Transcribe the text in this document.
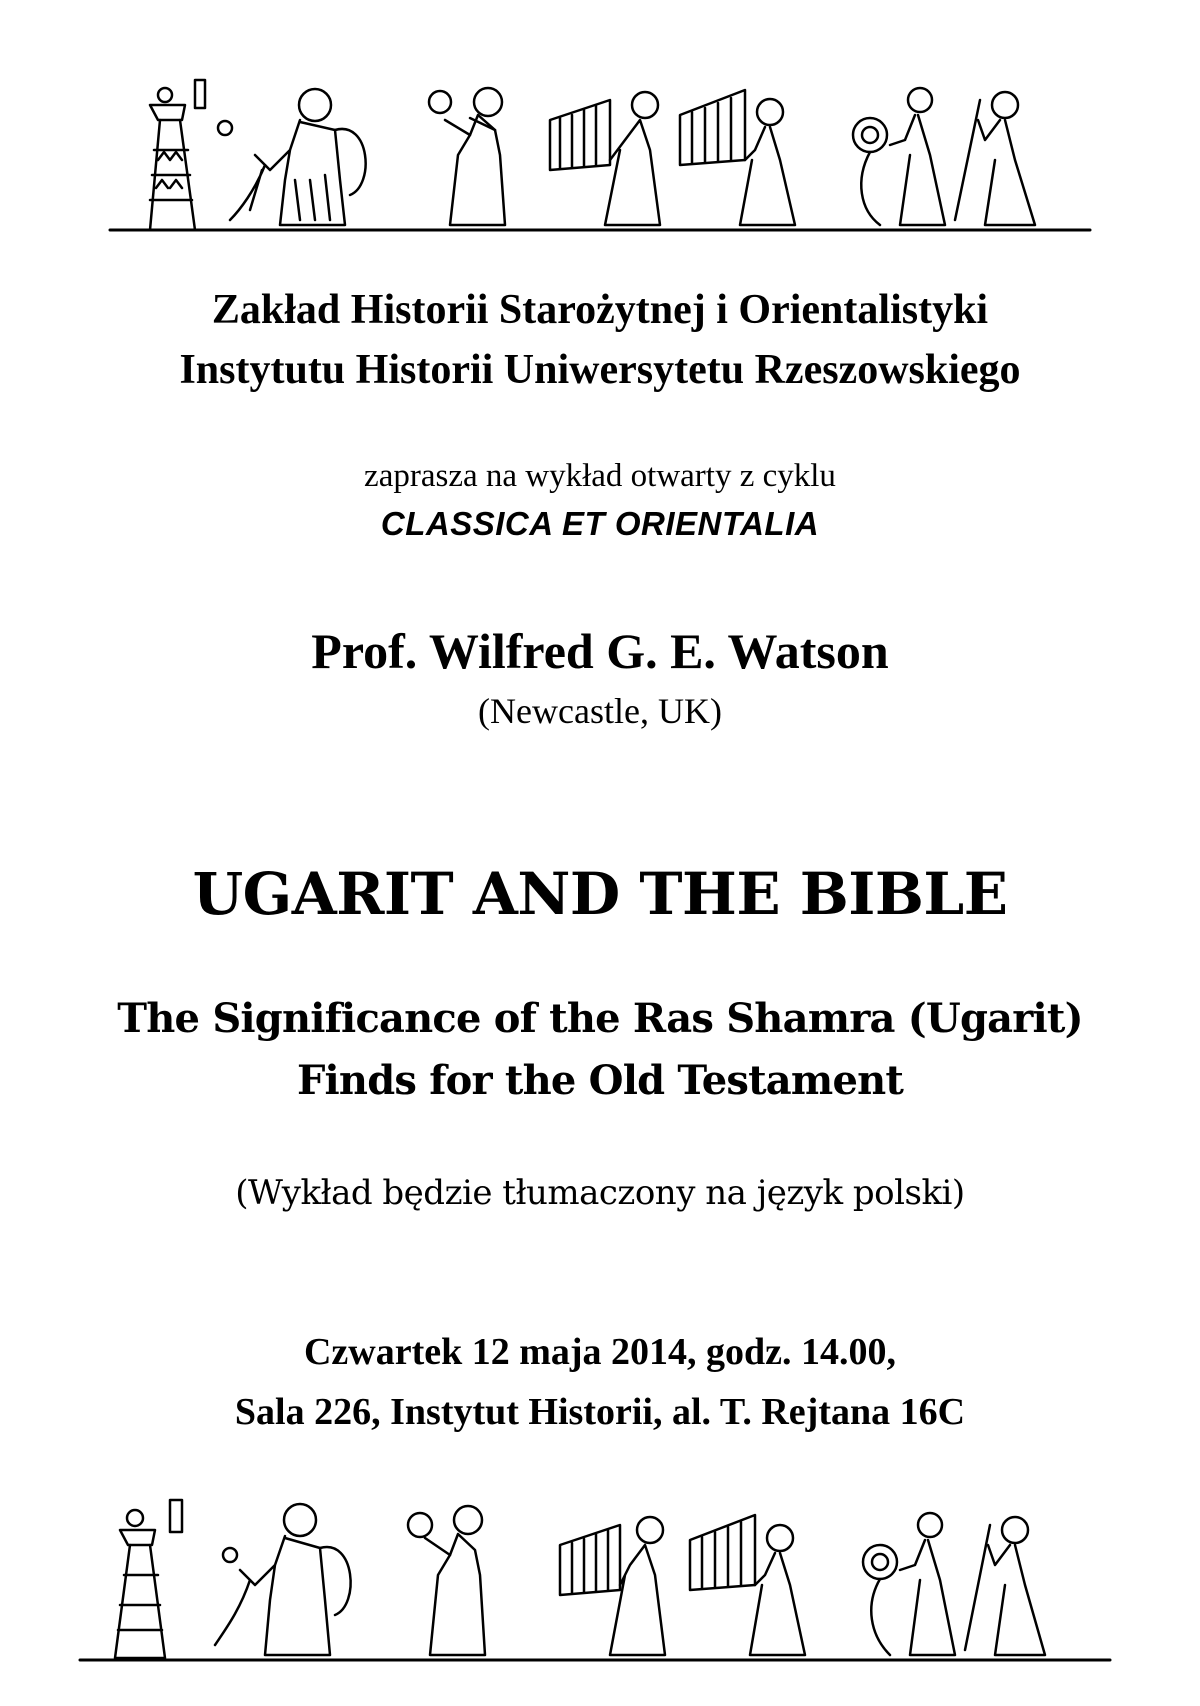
Zakład Historii Starożytnej i Orientalistyki
Instytutu Historii Uniwersytetu Rzeszowskiego
zaprasza na wykład otwarty z cyklu
CLASSICA ET ORIENTALIA
Prof. Wilfred G. E. Watson
(Newcastle, UK)
UGARIT AND THE BIBLE
The Significance of the Ras Shamra (Ugarit)
Finds for the Old Testament
(Wykład będzie tłumaczony na język polski)
Czwartek 12 maja 2014, godz. 14.00,
Sala 226, Instytut Historii, al. T. Rejtana 16C
